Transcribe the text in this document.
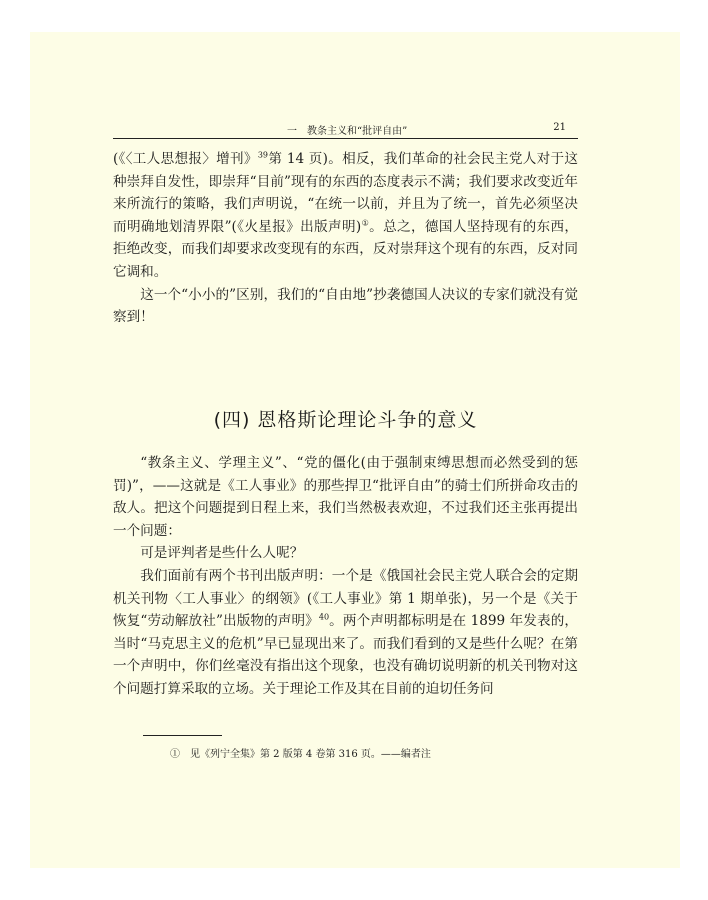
一　教条主义和“批评自由”	21

(《〈工人思想报〉增刊》$^{39}$第 14 页)。相反，我们革命的社会民主党人对于这种崇拜自发性，即崇拜“目前”现有的东西的态度表示不满；我们要求改变近年来所流行的策略，我们声明说，“在统一以前，并且为了统一，首先必须坚决而明确地划清界限”(《火星报》出版声明)①。总之，德国人坚持现有的东西，拒绝改变，而我们却要求改变现有的东西，反对崇拜这个现有的东西，反对同它调和。

这一个“小小的”区别，我们的“自由地”抄袭德国人决议的专家们就没有觉察到！

(四) 恩格斯论理论斗争的意义

“教条主义、学理主义”、“党的僵化(由于强制束缚思想而必然受到的惩罚)”，——这就是《工人事业》的那些捍卫“批评自由”的骑士们所拼命攻击的敌人。把这个问题提到日程上来，我们当然极表欢迎，不过我们还主张再提出一个问题：

可是评判者是些什么人呢？

我们面前有两个书刊出版声明：一个是《俄国社会民主党人联合会的定期机关刊物〈工人事业〉的纲领》(《工人事业》第 1 期单张)，另一个是《关于恢复“劳动解放社”出版物的声明》$^{40}$。两个声明都标明是在 1899 年发表的，当时“马克思主义的危机”早已显现出来了。而我们看到的又是些什么呢？在第一个声明中，你们丝毫没有指出这个现象，也没有确切说明新的机关刊物对这个问题打算采取的立场。关于理论工作及其在目前的迫切任务问

①　见《列宁全集》第 2 版第 4 卷第 316 页。——编者注
